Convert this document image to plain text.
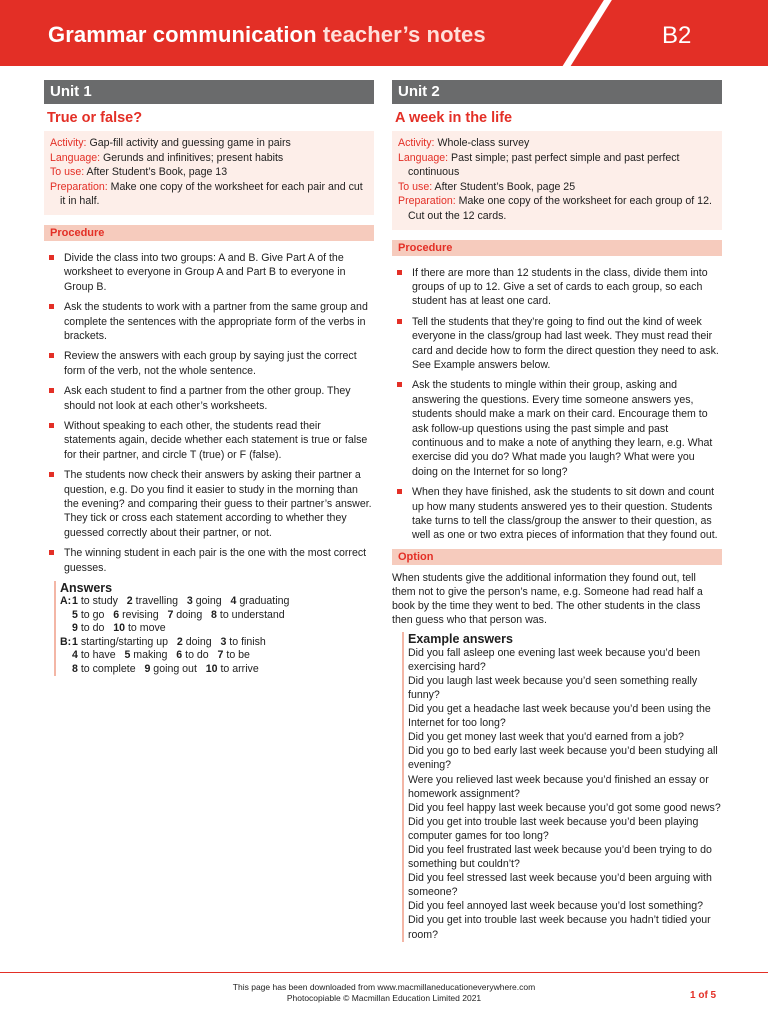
Grammar communication teacher’s notes	B2
Unit 1
True or false?
Activity: Gap-fill activity and guessing game in pairs
Language: Gerunds and infinitives; present habits
To use: After Student’s Book, page 13
Preparation: Make one copy of the worksheet for each pair and cut it in half.
Procedure
Divide the class into two groups: A and B. Give Part A of the worksheet to everyone in Group A and Part B to everyone in Group B.
Ask the students to work with a partner from the same group and complete the sentences with the appropriate form of the verbs in brackets.
Review the answers with each group by saying just the correct form of the verb, not the whole sentence.
Ask each student to find a partner from the other group. They should not look at each other’s worksheets.
Without speaking to each other, the students read their statements again, decide whether each statement is true or false for their partner, and circle T (true) or F (false).
The students now check their answers by asking their partner a question, e.g. Do you find it easier to study in the morning than the evening? and comparing their guess to their partner’s answer. They tick or cross each statement according to whether they guessed correctly about their partner, or not.
The winning student in each pair is the one with the most correct guesses.
Answers
A:1 to study   2 travelling   3 going   4 graduating
5 to go   6 revising   7 doing   8 to understand
9 to do   10 to move
B:1 starting/starting up   2 doing   3 to finish
4 to have   5 making   6 to do   7 to be
8 to complete   9 going out   10 to arrive
Unit 2
A week in the life
Activity: Whole-class survey
Language: Past simple; past perfect simple and past perfect continuous
To use: After Student’s Book, page 25
Preparation: Make one copy of the worksheet for each group of 12. Cut out the 12 cards.
Procedure
If there are more than 12 students in the class, divide them into groups of up to 12. Give a set of cards to each group, so each student has at least one card.
Tell the students that they’re going to find out the kind of week everyone in the class/group had last week. They must read their card and decide how to form the direct question they need to ask. See Example answers below.
Ask the students to mingle within their group, asking and answering the questions. Every time someone answers yes, students should make a mark on their card. Encourage them to ask follow-up questions using the past simple and past continuous and to make a note of anything they learn, e.g. What exercise did you do? What made you laugh? What were you doing on the Internet for so long?
When they have finished, ask the students to sit down and count up how many students answered yes to their question. Students take turns to tell the class/group the answer to their question, as well as one or two extra pieces of information that they found out.
Option
When students give the additional information they found out, tell them not to give the person’s name, e.g. Someone had read half a book by the time they went to bed. The other students in the class then guess who that person was.
Example answers
Did you fall asleep one evening last week because you’d been exercising hard?
Did you laugh last week because you’d seen something really funny?
Did you get a headache last week because you’d been using the Internet for too long?
Did you get money last week that you'd earned from a job?
Did you go to bed early last week because you’d been studying all evening?
Were you relieved last week because you’d finished an essay or homework assignment?
Did you feel happy last week because you’d got some good news?
Did you get into trouble last week because you’d been playing computer games for too long?
Did you feel frustrated last week because you’d been trying to do something but couldn’t?
Did you feel stressed last week because you’d been arguing with someone?
Did you feel annoyed last week because you’d lost something?
Did you get into trouble last week because you hadn’t tidied your room?
This page has been downloaded from www.macmillaneducationeverywhere.com
Photocopiable © Macmillan Education Limited 2021	1 of 5
